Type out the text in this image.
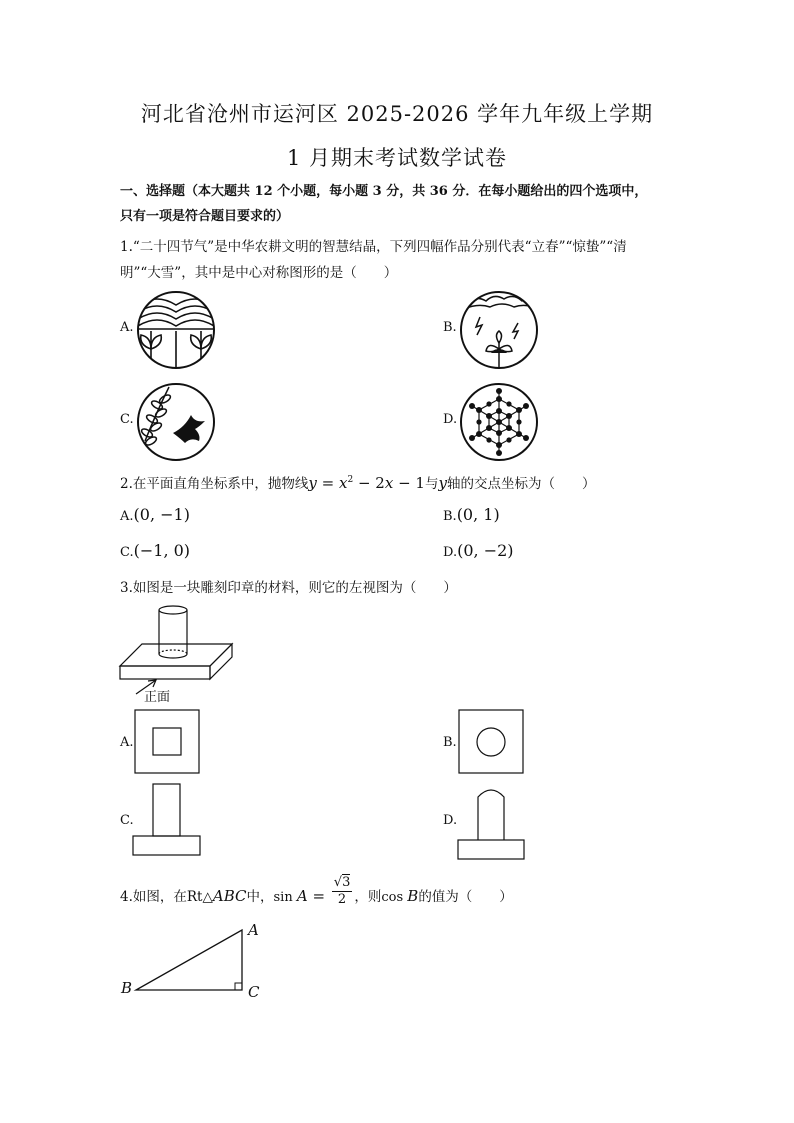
河北省沧州市运河区 2025-2026 学年九年级上学期
1 月期末考试数学试卷
一、选择题（本大题共 12 个小题，每小题 3 分，共 36 分．在每小题给出的四个选项中，
只有一项是符合题目要求的）
1.“二十四节气”是中华农耕文明的智慧结晶，下列四幅作品分别代表“立春”“惊蛰”“清
明”“大雪”，其中是中心对称图形的是（　　）
A.	B.
C.	D.
2.在平面直角坐标系中，抛物线$y = x^2 - 2x - 1$与y轴的交点坐标为（　　）
A.(0, −1)	B.(0, 1)
C.(−1, 0)	D.(0, −2)
3.如图是一块雕刻印章的材料，则它的左视图为（　　）
正面
A.	B.
C.	D.
4.如图，在Rt△ABC中，$\sin A = \frac{√3}{2}$ ，则cos B的值为（　　）
A
B	C
